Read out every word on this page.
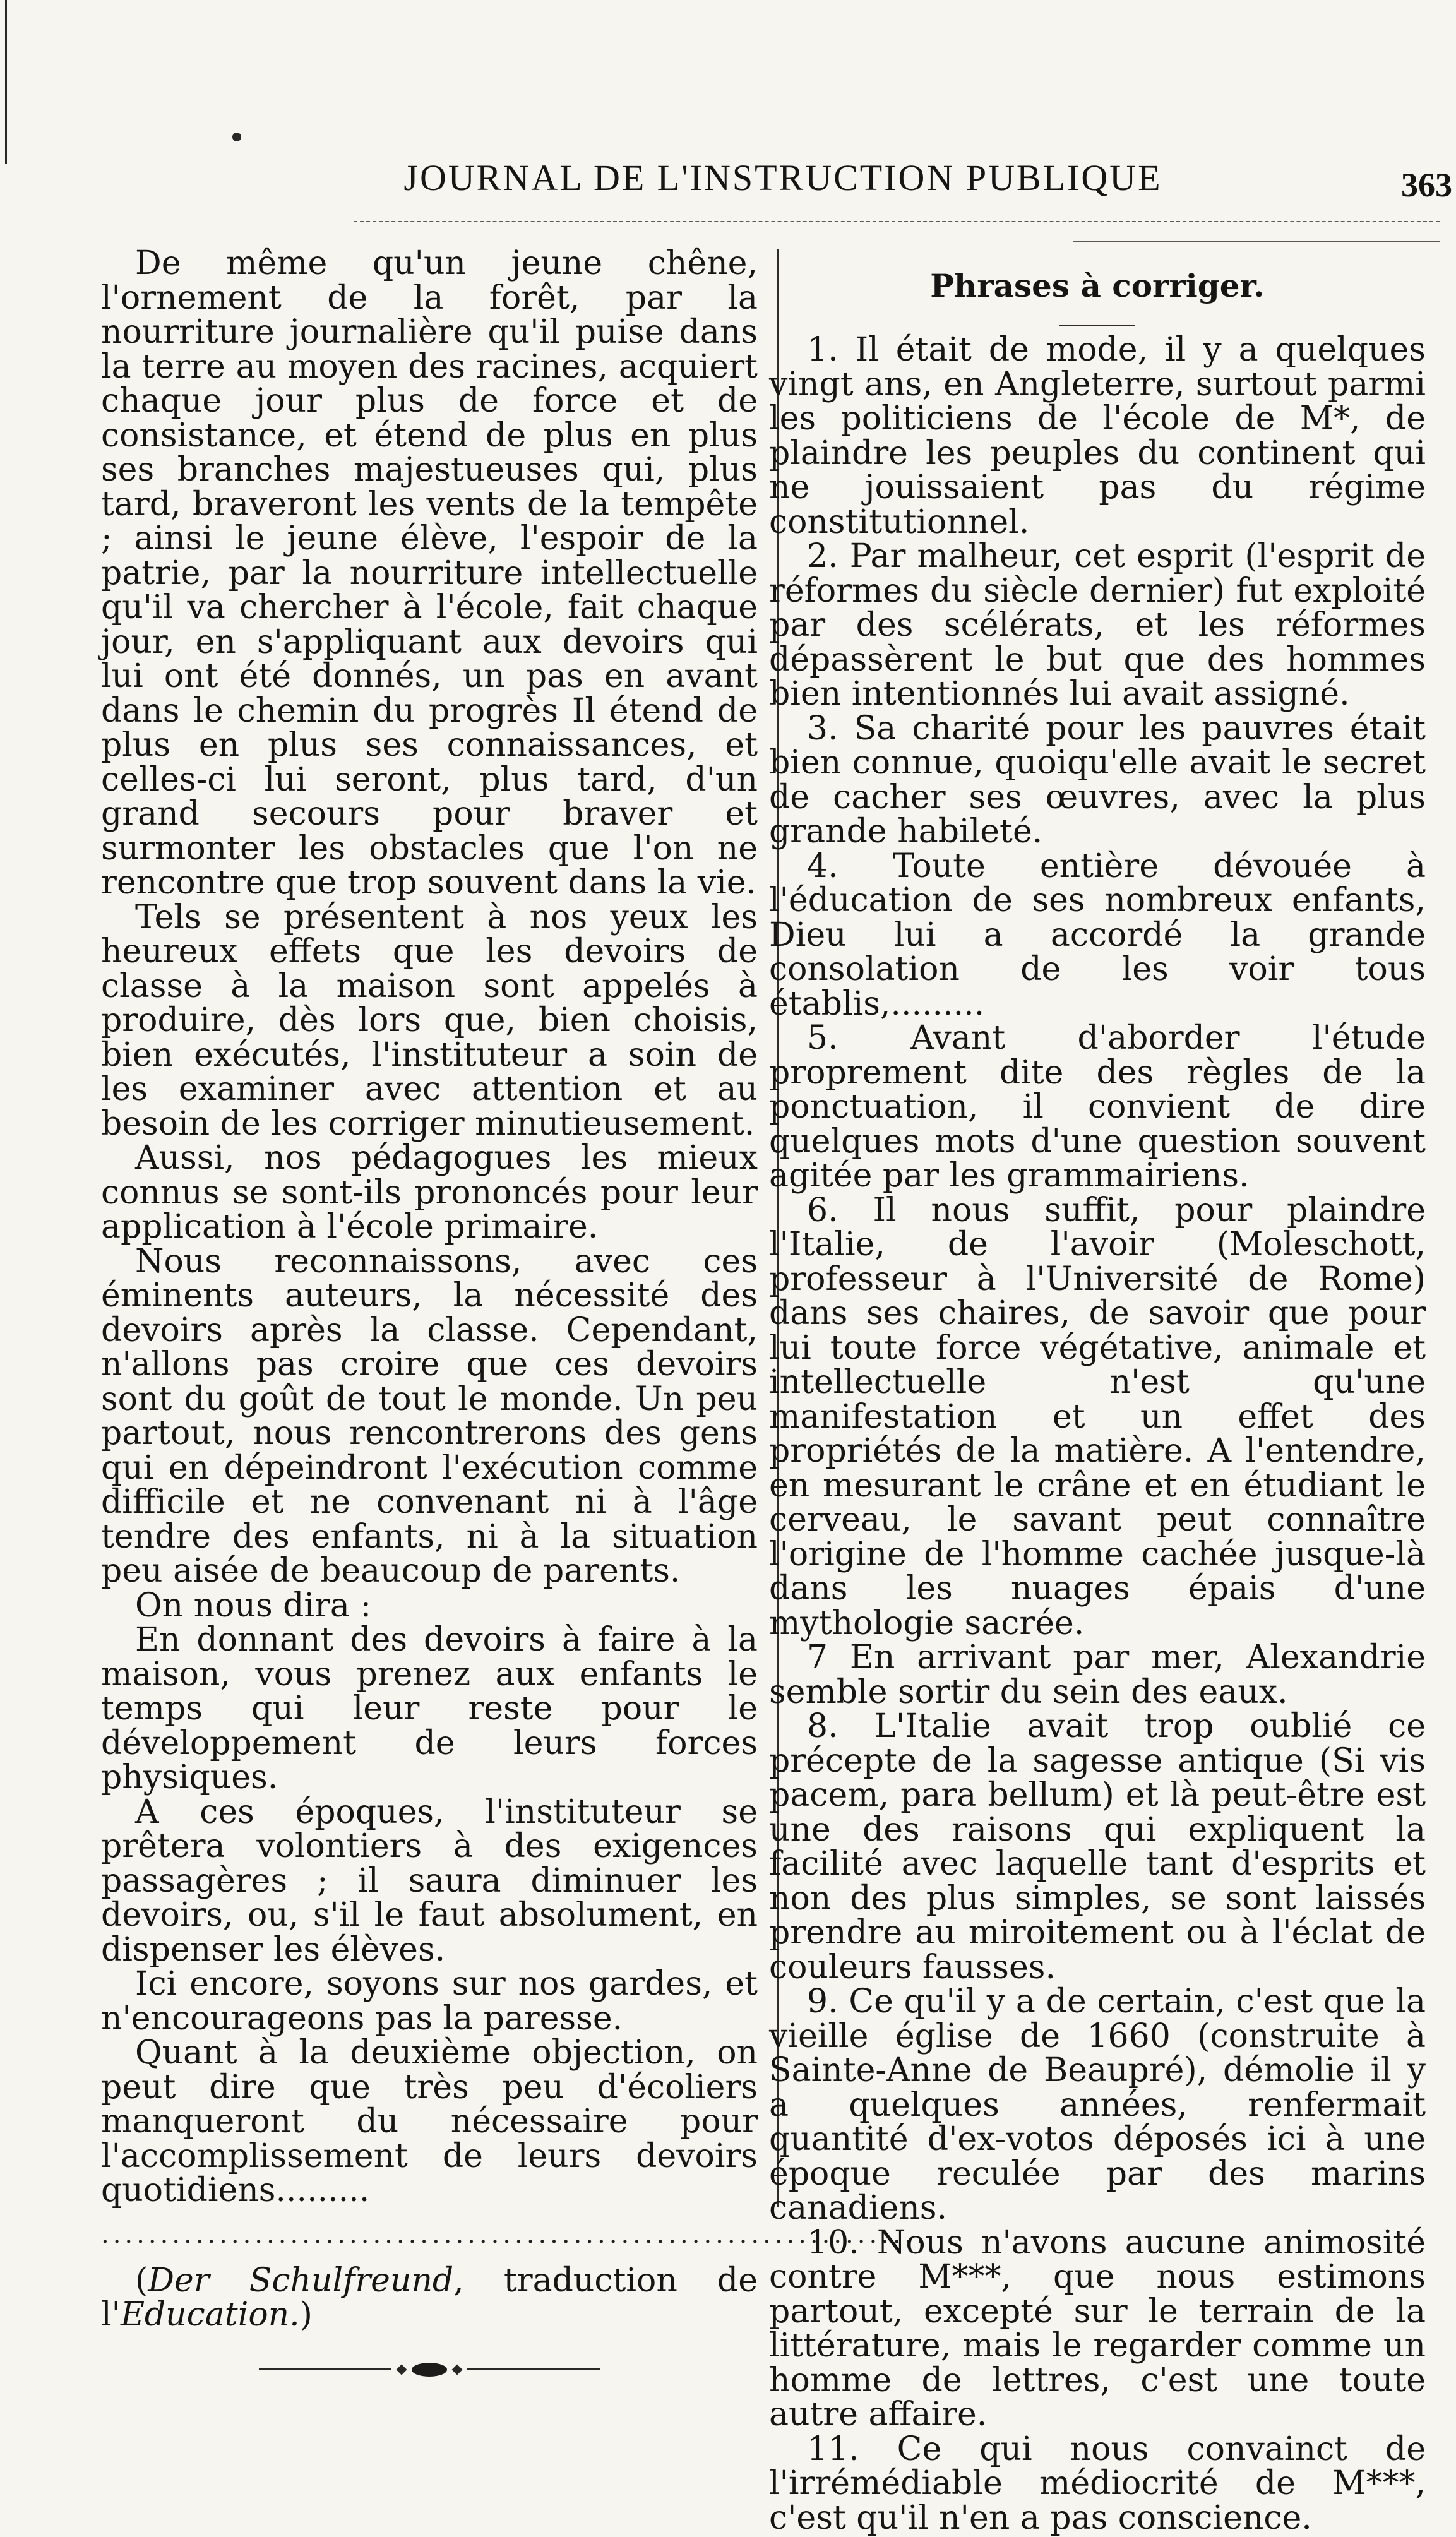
JOURNAL DE L'INSTRUCTION PUBLIQUE	363

De même qu'un jeune chêne, l'ornement de la forêt, par la nourriture journalière qu'il puise dans la terre au moyen des racines, acquiert chaque jour plus de force et de consistance, et étend de plus en plus ses branches majestueuses qui, plus tard, braveront les vents de la tempête ; ainsi le jeune élève, l'espoir de la patrie, par la nourriture intellectuelle qu'il va chercher à l'école, fait chaque jour, en s'appliquant aux devoirs qui lui ont été donnés, un pas en avant dans le chemin du progrès Il étend de plus en plus ses connaissances, et celles-ci lui seront, plus tard, d'un grand secours pour braver et surmonter les obstacles que l'on ne rencontre que trop souvent dans la vie.

Tels se présentent à nos yeux les heureux effets que les devoirs de classe à la maison sont appelés à produire, dès lors que, bien choisis, bien exécutés, l'instituteur a soin de les examiner avec attention et au besoin de les corriger minutieusement.

Aussi, nos pédagogues les mieux connus se sont-ils prononcés pour leur application à l'école primaire.

Nous reconnaissons, avec ces éminents auteurs, la nécessité des devoirs après la classe. Cependant, n'allons pas croire que ces devoirs sont du goût de tout le monde. Un peu partout, nous rencontrerons des gens qui en dépeindront l'exécution comme difficile et ne convenant ni à l'âge tendre des enfants, ni à la situation peu aisée de beaucoup de parents.

On nous dira :

En donnant des devoirs à faire à la maison, vous prenez aux enfants le temps qui leur reste pour le développement de leurs forces physiques.

A ces époques, l'instituteur se prêtera volontiers à des exigences passagères ; il saura diminuer les devoirs, ou, s'il le faut absolument, en dispenser les élèves.

Ici encore, soyons sur nos gardes, et n'encourageons pas la paresse.

Quant à la deuxième objection, on peut dire que très peu d'écoliers manqueront du nécessaire pour l'accomplissement de leurs devoirs quotidiens.........

......................................................................

(Der Schulfreund, traduction de l'Education.)

Phrases à corriger.

1. Il était de mode, il y a quelques vingt ans, en Angleterre, surtout parmi les politiciens de l'école de M*, de plaindre les peuples du continent qui ne jouissaient pas du régime constitutionnel.

2. Par malheur, cet esprit (l'esprit de réformes du siècle dernier) fut exploité par des scélérats, et les réformes dépassèrent le but que des hommes bien intentionnés lui avait assigné.

3. Sa charité pour les pauvres était bien connue, quoiqu'elle avait le secret de cacher ses œuvres, avec la plus grande habileté.

4. Toute entière dévouée à l'éducation de ses nombreux enfants, Dieu lui a accordé la grande consolation de les voir tous établis,.........

5. Avant d'aborder l'étude proprement dite des règles de la ponctuation, il convient de dire quelques mots d'une question souvent agitée par les grammairiens.

6. Il nous suffit, pour plaindre l'Italie, de l'avoir (Moleschott, professeur à l'Université de Rome) dans ses chaires, de savoir que pour lui toute force végétative, animale et intellectuelle n'est qu'une manifestation et un effet des propriétés de la matière. A l'entendre, en mesurant le crâne et en étudiant le cerveau, le savant peut connaître l'origine de l'homme cachée jusque-là dans les nuages épais d'une mythologie sacrée.

7 En arrivant par mer, Alexandrie semble sortir du sein des eaux.

8. L'Italie avait trop oublié ce précepte de la sagesse antique (Si vis pacem, para bellum) et là peut-être est une des raisons qui expliquent la facilité avec laquelle tant d'esprits et non des plus simples, se sont laissés prendre au miroitement ou à l'éclat de couleurs fausses.

9. Ce qu'il y a de certain, c'est que la vieille église de 1660 (construite à Sainte-Anne de Beaupré), démolie il y a quelques années, renfermait quantité d'ex-votos déposés ici à une époque reculée par des marins canadiens.

10. Nous n'avons aucune animosité contre M***, que nous estimons partout, excepté sur le terrain de la littérature, mais le regarder comme un homme de lettres, c'est une toute autre affaire.

11. Ce qui nous convainct de l'irrémédiable médiocrité de M***, c'est qu'il n'en a pas conscience.
